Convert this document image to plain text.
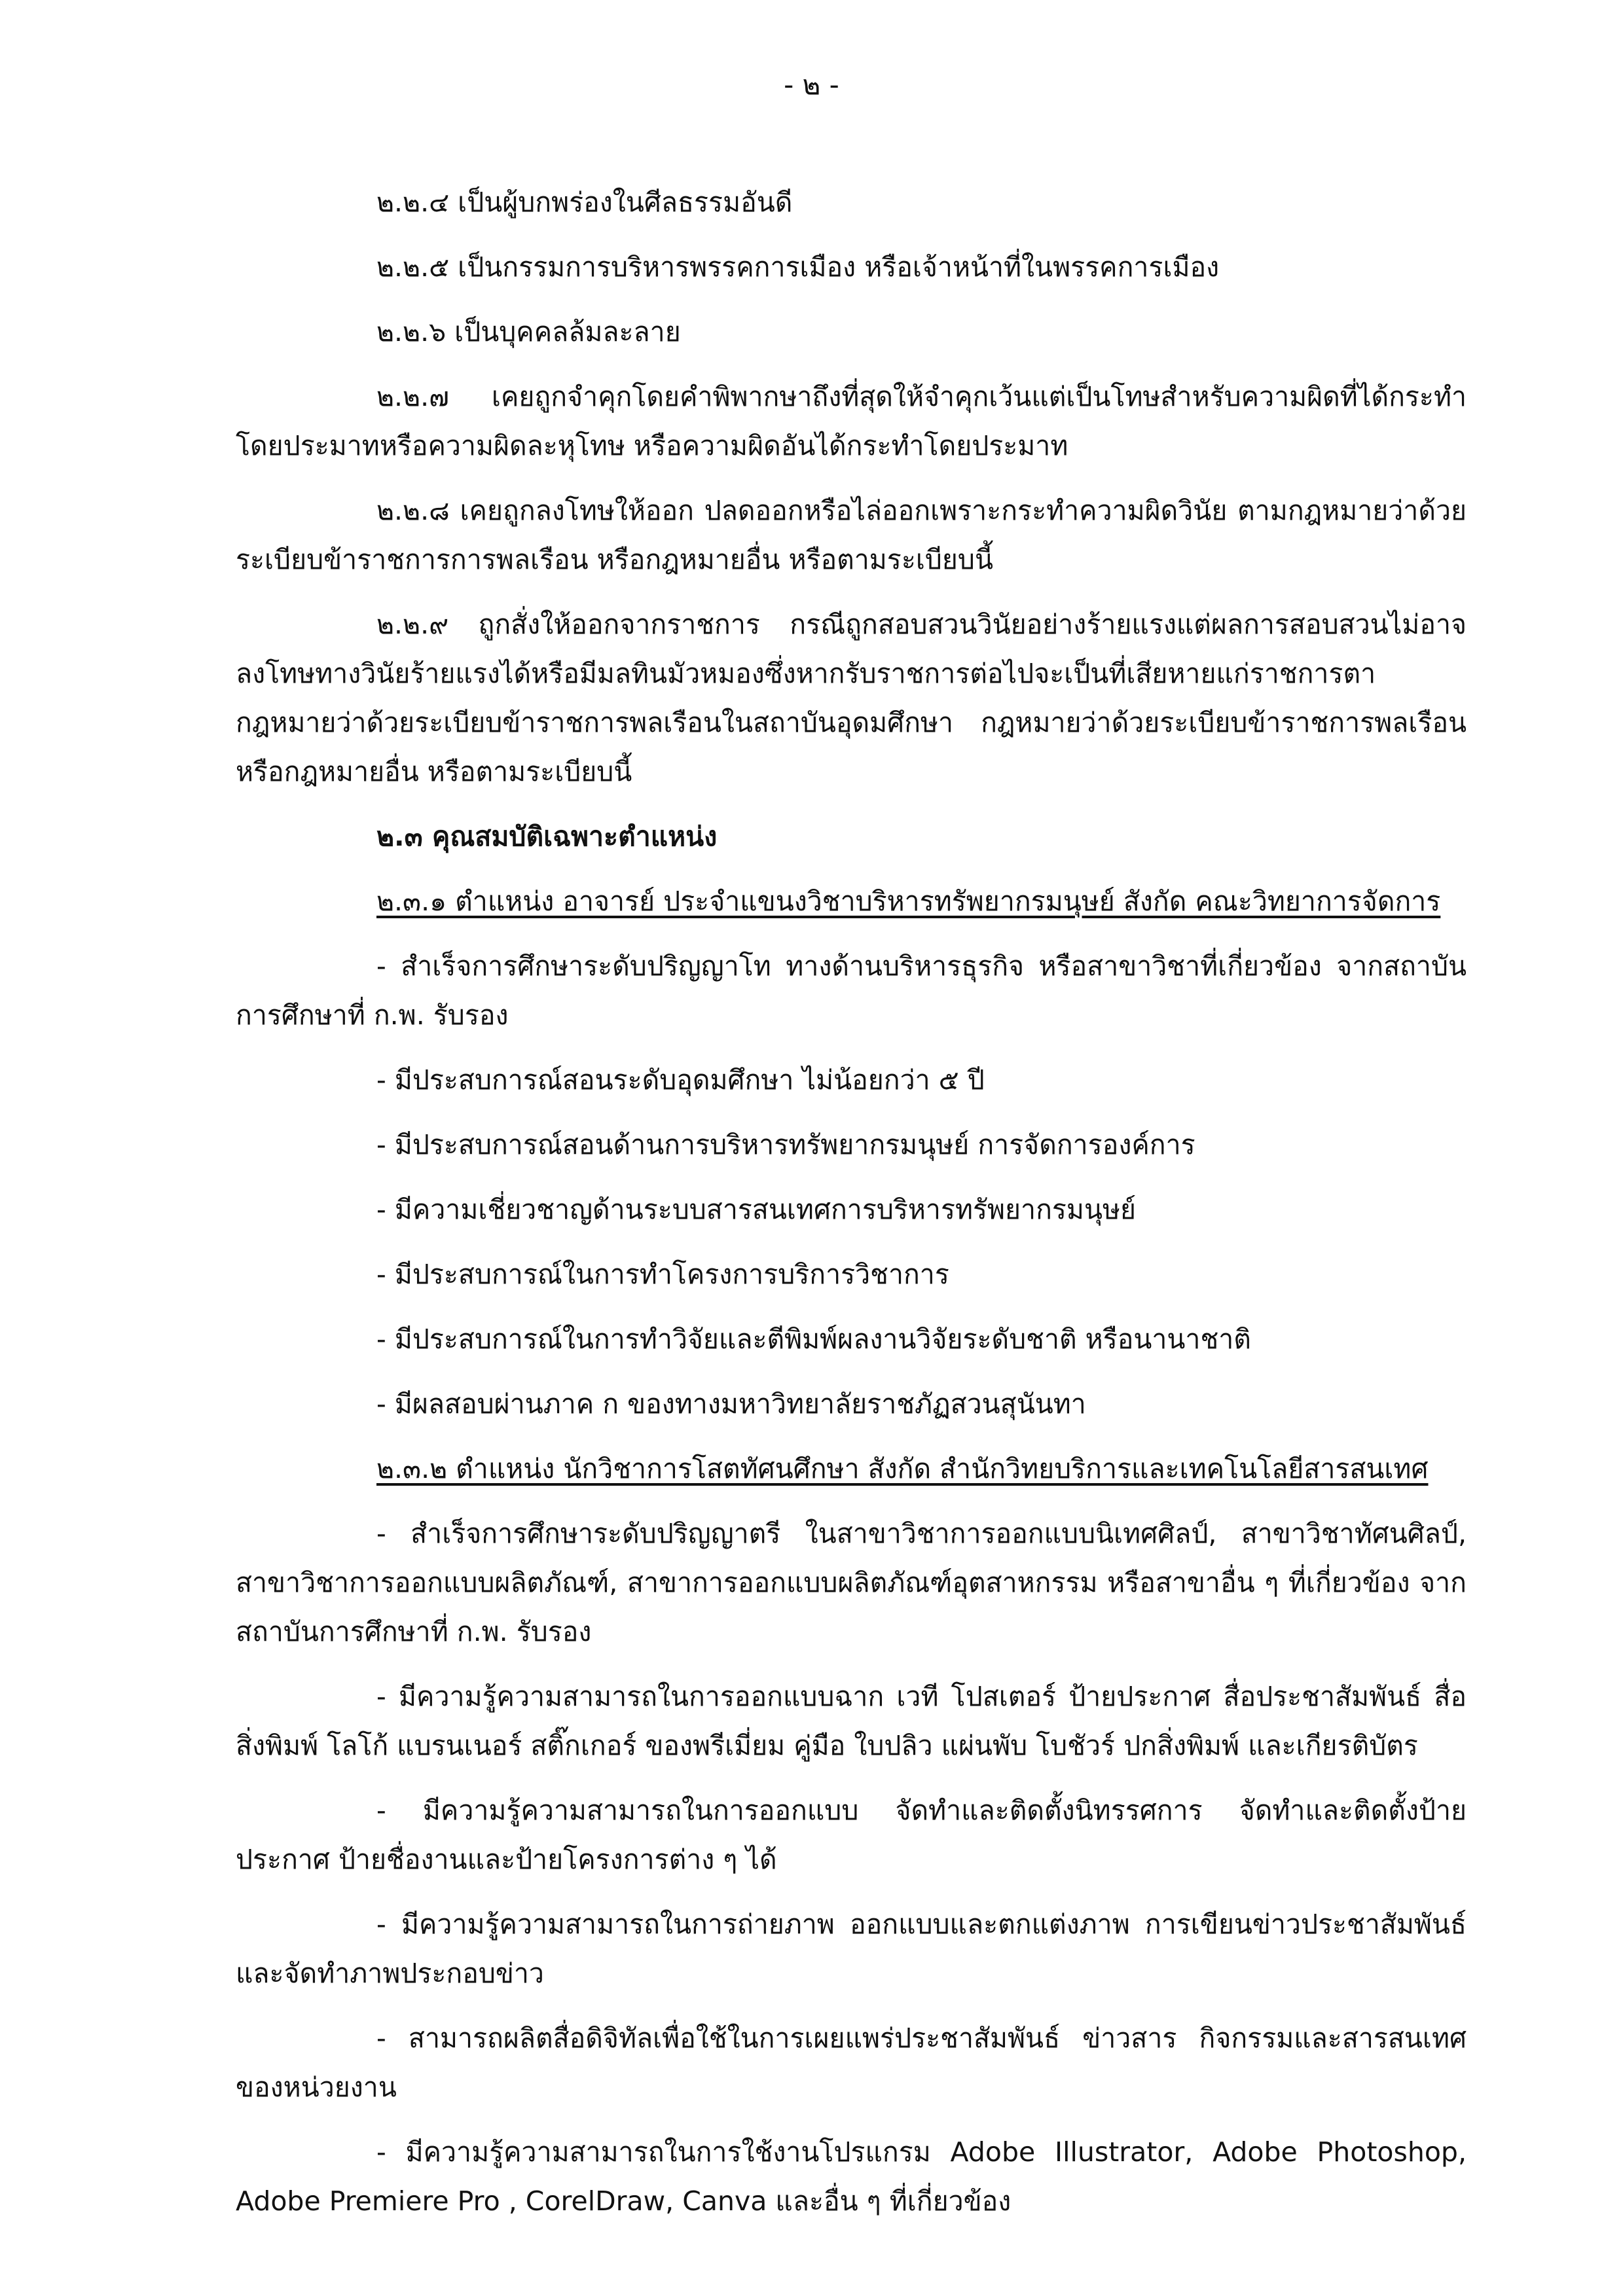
- ๒ -

๒.๒.๔ เป็นผู้บกพร่องในศีลธรรมอันดี

๒.๒.๕ เป็นกรรมการบริหารพรรคการเมือง หรือเจ้าหน้าที่ในพรรคการเมือง

๒.๒.๖ เป็นบุคคลล้มละลาย

๒.๒.๗ เคยถูกจำคุกโดยคำพิพากษาถึงที่สุดให้จำคุกเว้นแต่เป็นโทษสำหรับความผิดที่ได้กระทำโดยประมาทหรือความผิดละหุโทษ หรือความผิดอันได้กระทำโดยประมาท

๒.๒.๘ เคยถูกลงโทษให้ออก ปลดออกหรือไล่ออกเพราะกระทำความผิดวินัย ตามกฎหมายว่าด้วยระเบียบข้าราชการการพลเรือน หรือกฎหมายอื่น หรือตามระเบียบนี้

๒.๒.๙ ถูกสั่งให้ออกจากราชการ กรณีถูกสอบสวนวินัยอย่างร้ายแรงแต่ผลการสอบสวนไม่อาจลงโทษทางวินัยร้ายแรงได้หรือมีมลทินมัวหมองซึ่งหากรับราชการต่อไปจะเป็นที่เสียหายแก่ราชการตากฎหมายว่าด้วยระเบียบข้าราชการพลเรือนในสถาบันอุดมศึกษา กฎหมายว่าด้วยระเบียบข้าราชการพลเรือนหรือกฎหมายอื่น หรือตามระเบียบนี้

๒.๓ คุณสมบัติเฉพาะตำแหน่ง

๒.๓.๑ ตำแหน่ง อาจารย์ ประจำแขนงวิชาบริหารทรัพยากรมนุษย์ สังกัด คณะวิทยาการจัดการ

- สำเร็จการศึกษาระดับปริญญาโท ทางด้านบริหารธุรกิจ หรือสาขาวิชาที่เกี่ยวข้อง จากสถาบันการศึกษาที่ ก.พ. รับรอง

- มีประสบการณ์สอนระดับอุดมศึกษา ไม่น้อยกว่า ๕ ปี

- มีประสบการณ์สอนด้านการบริหารทรัพยากรมนุษย์ การจัดการองค์การ

- มีความเชี่ยวชาญด้านระบบสารสนเทศการบริหารทรัพยากรมนุษย์

- มีประสบการณ์ในการทำโครงการบริการวิชาการ

- มีประสบการณ์ในการทำวิจัยและตีพิมพ์ผลงานวิจัยระดับชาติ หรือนานาชาติ

- มีผลสอบผ่านภาค ก ของทางมหาวิทยาลัยราชภัฏสวนสุนันทา

๒.๓.๒ ตำแหน่ง นักวิชาการโสตทัศนศึกษา สังกัด สำนักวิทยบริการและเทคโนโลยีสารสนเทศ

- สำเร็จการศึกษาระดับปริญญาตรี ในสาขาวิชาการออกแบบนิเทศศิลป์, สาขาวิชาทัศนศิลป์, สาขาวิชาการออกแบบผลิตภัณฑ์, สาขาการออกแบบผลิตภัณฑ์อุตสาหกรรม หรือสาขาอื่น ๆ ที่เกี่ยวข้อง จากสถาบันการศึกษาที่ ก.พ. รับรอง

- มีความรู้ความสามารถในการออกแบบฉาก เวที โปสเตอร์ ป้ายประกาศ สื่อประชาสัมพันธ์ สื่อสิ่งพิมพ์ โลโก้ แบรนเนอร์ สติ๊กเกอร์ ของพรีเมี่ยม คู่มือ ใบปลิว แผ่นพับ โบชัวร์ ปกสิ่งพิมพ์ และเกียรติบัตร

- มีความรู้ความสามารถในการออกแบบ จัดทำและติดตั้งนิทรรศการ จัดทำและติดตั้งป้ายประกาศ ป้ายชื่องานและป้ายโครงการต่าง ๆ ได้

- มีความรู้ความสามารถในการถ่ายภาพ ออกแบบและตกแต่งภาพ การเขียนข่าวประชาสัมพันธ์และจัดทำภาพประกอบข่าว

- สามารถผลิตสื่อดิจิทัลเพื่อใช้ในการเผยแพร่ประชาสัมพันธ์ ข่าวสาร กิจกรรมและสารสนเทศของหน่วยงาน

- มีความรู้ความสามารถในการใช้งานโปรแกรม Adobe Illustrator, Adobe Photoshop, Adobe Premiere Pro , CorelDraw, Canva และอื่น ๆ ที่เกี่ยวข้อง
